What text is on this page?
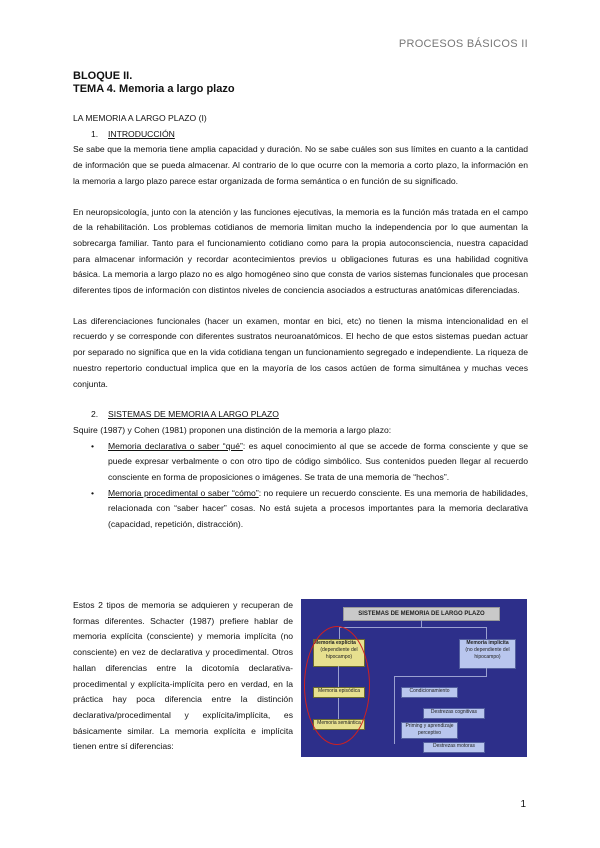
PROCESOS BÁSICOS II
BLOQUE II.
TEMA 4. Memoria a largo plazo
LA MEMORIA A LARGO PLAZO (I)
1. INTRODUCCIÓN

Se sabe que la memoria tiene amplia capacidad y duración. No se sabe cuáles son sus límites en cuanto a la cantidad de información que se pueda almacenar. Al contrario de lo que ocurre con la memoria a corto plazo, la información en la memoria a largo plazo parece estar organizada de forma semántica o en función de su significado.

En neuropsicología, junto con la atención y las funciones ejecutivas, la memoria es la función más tratada en el campo de la rehabilitación. Los problemas cotidianos de memoria limitan mucho la independencia por lo que aumentan la sobrecarga familiar. Tanto para el funcionamiento cotidiano como para la propia autoconsciencia, nuestra capacidad para almacenar información y recordar acontecimientos previos u obligaciones futuras es una habilidad cognitiva básica. La memoria a largo plazo no es algo homogéneo sino que consta de varios sistemas funcionales que procesan diferentes tipos de información con distintos niveles de conciencia asociados a estructuras anatómicas diferenciadas.

Las diferenciaciones funcionales (hacer un examen, montar en bici, etc) no tienen la misma intencionalidad en el recuerdo y se corresponde con diferentes sustratos neuroanatómicos. El hecho de que estos sistemas puedan actuar por separado no significa que en la vida cotidiana tengan un funcionamiento segregado e independiente. La riqueza de nuestro repertorio conductual implica que en la mayoría de los casos actúen de forma simultánea y muchas veces conjunta.

2. SISTEMAS DE MEMORIA A LARGO PLAZO

Squire (1987) y Cohen (1981) proponen una distinción de la memoria a largo plazo:

• Memoria declarativa o saber “qué”: es aquel conocimiento al que se accede de forma consciente y que se puede expresar verbalmente o con otro tipo de código simbólico. Sus contenidos pueden llegar al recuerdo consciente en forma de proposiciones o imágenes. Se trata de una memoria de “hechos”.
• Memoria procedimental o saber “cómo”: no requiere un recuerdo consciente. Es una memoria de habilidades, relacionada con “saber hacer” cosas. No está sujeta a procesos importantes para la memoria declarativa (capacidad, repetición, distracción).

Estos 2 tipos de memoria se adquieren y recuperan de formas diferentes. Schacter (1987) prefiere hablar de memoria explícita (consciente) y memoria implícita (no consciente) en vez de declarativa y procedimental. Otros hallan diferencias entre la dicotomía declarativa-procedimental y explícita-implícita pero en verdad, en la práctica hay poca diferencia entre la distinción declarativa/procedimental y explícita/implícita, es básicamente similar. La memoria explícita e implícita tienen entre sí diferencias:

SISTEMAS DE MEMORIA DE LARGO PLAZO
Memoria explícita
(dependiente del hipocampo)
Memoria episódica
Memoria semántica
Memoria implícita
(no dependiente del hipocampo)
Condicionamiento
Destrezas cognitivas
Priming y aprendizaje perceptivo
Destrezas motoras
1
